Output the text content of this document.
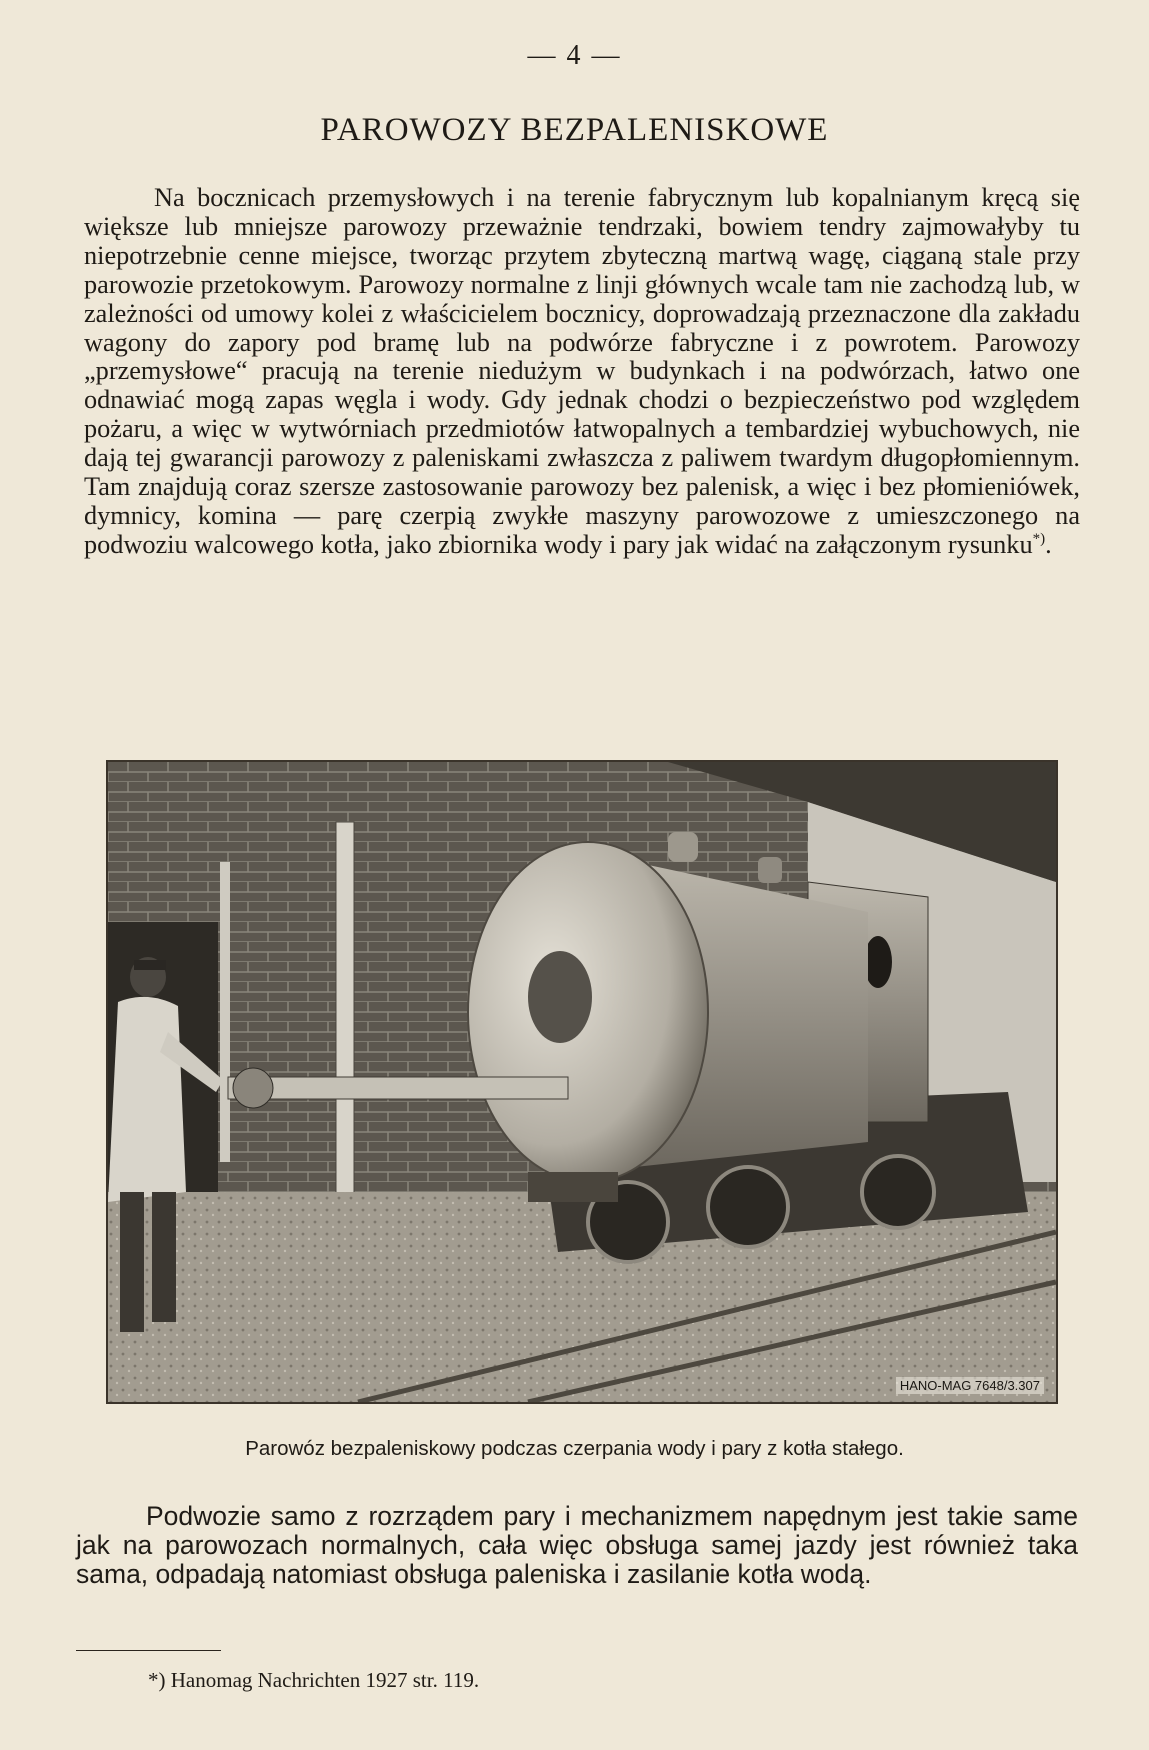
— 4 —
PAROWOZY BEZPALENISKOWE

Na bocznicach przemysłowych i na terenie fabrycznym lub kopalnianym kręcą się większe lub mniejsze parowozy przeważnie tendrzaki, bowiem tendry zajmowałyby tu niepotrzebnie cenne miejsce, tworząc przytem zbyteczną martwą wagę, ciąganą stale przy parowozie przetokowym. Parowozy normalne z linji głównych wcale tam nie zachodzą lub, w zależności od umowy kolei z właścicielem bocznicy, doprowadzają przeznaczone dla zakładu wagony do zapory pod bramę lub na podwórze fabryczne i z powrotem. Parowozy „przemysłowe“ pracują na terenie niedużym w budynkach i na podwórzach, łatwo one odnawiać mogą zapas węgla i wody. Gdy jednak chodzi o bezpieczeństwo pod względem pożaru, a więc w wytwórniach przedmiotów łatwopalnych a tembardziej wybuchowych, nie dają tej gwarancji parowozy z paleniskami zwłaszcza z paliwem twardym długopłomiennym. Tam znajdują coraz szersze zastosowanie parowozy bez palenisk, a więc i bez płomieniówek, dymnicy, komina — parę czerpią zwykłe maszyny parowozowe z umieszczonego na podwoziu walcowego kotła, jako zbiornika wody i pary jak widać na załączonym rysunku*).

HANO-MAG 7648/3.307

Parowóz bezpaleniskowy podczas czerpania wody i pary z kotła stałego.

Podwozie samo z rozrządem pary i mechanizmem napędnym jest takie same jak na parowozach normalnych, cała więc obsługa samej jazdy jest również taka sama, odpadają natomiast obsługa paleniska i zasilanie kotła wodą.

*) Hanomag Nachrichten 1927 str. 119.
